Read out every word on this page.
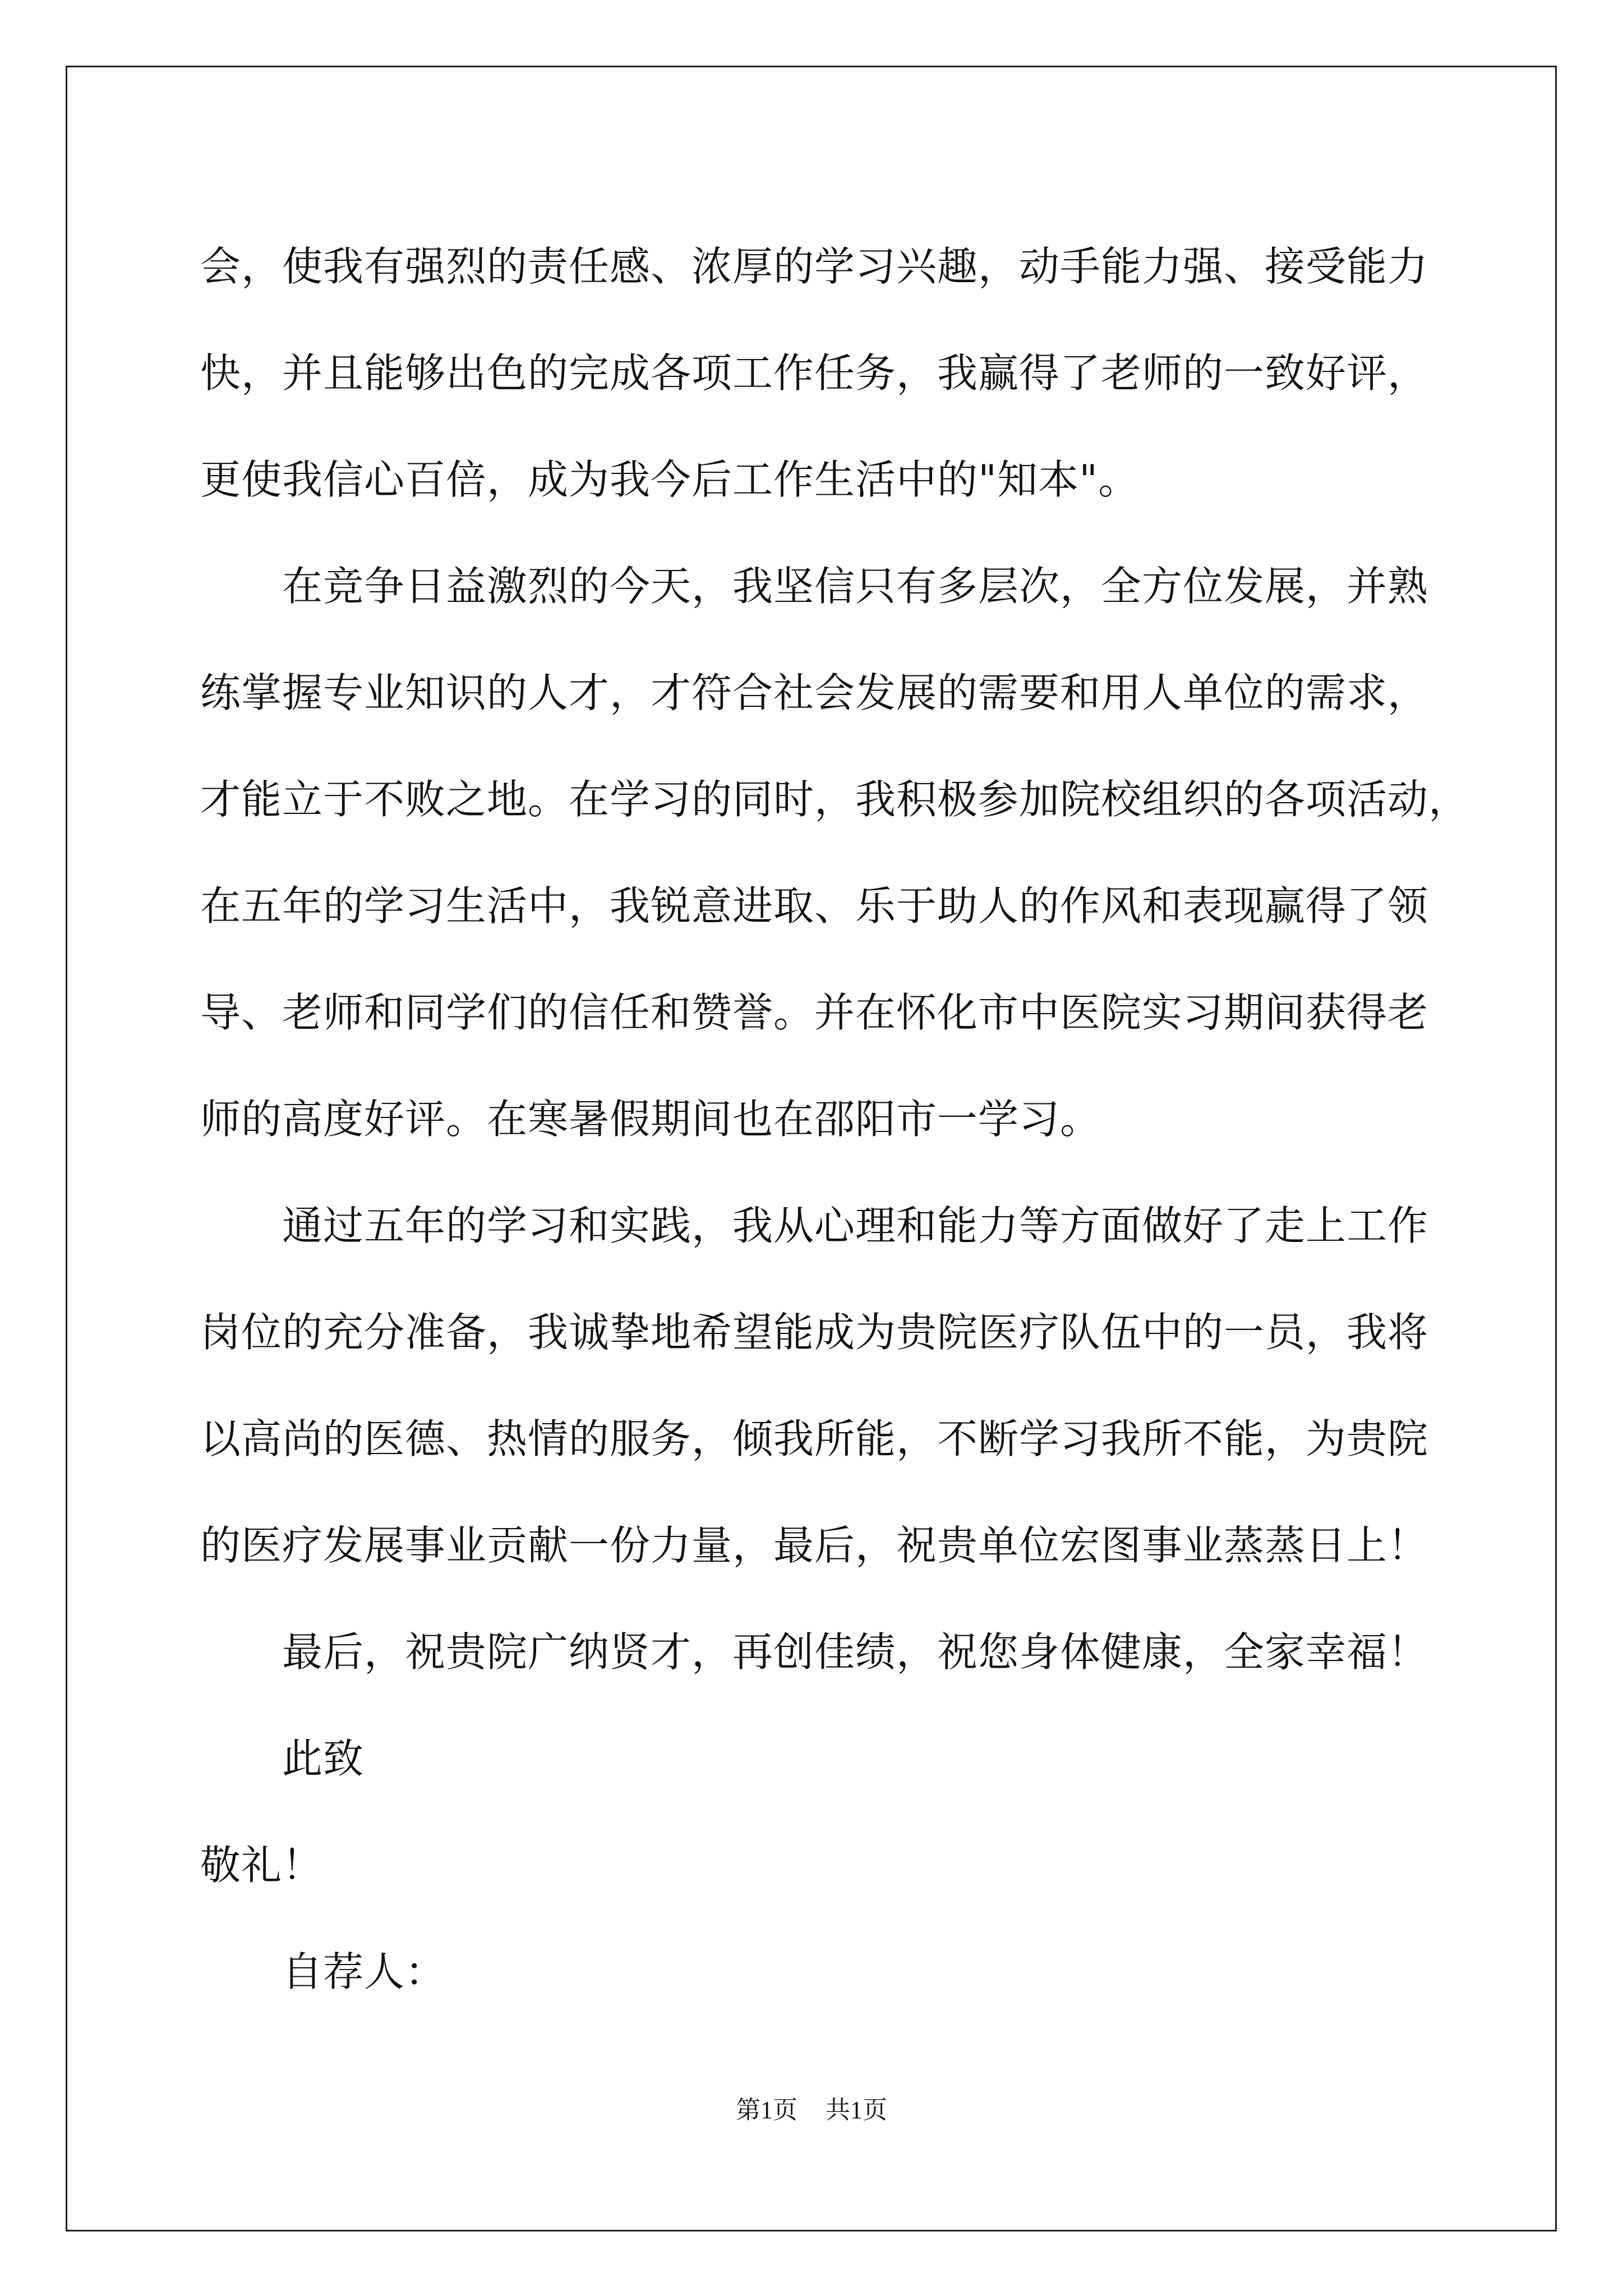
会，使我有强烈的责任感、浓厚的学习兴趣，动手能力强、接受能力
快，并且能够出色的完成各项工作任务，我赢得了老师的一致好评，
更使我信心百倍，成为我今后工作生活中的"知本"。
在竞争日益激烈的今天，我坚信只有多层次，全方位发展，并熟
练掌握专业知识的人才，才符合社会发展的需要和用人单位的需求，
才能立于不败之地。在学习的同时，我积极参加院校组织的各项活动，
在五年的学习生活中，我锐意进取、乐于助人的作风和表现赢得了领
导、老师和同学们的信任和赞誉。并在怀化市中医院实习期间获得老
师的高度好评。在寒暑假期间也在邵阳市一学习。
通过五年的学习和实践，我从心理和能力等方面做好了走上工作
岗位的充分准备，我诚挚地希望能成为贵院医疗队伍中的一员，我将
以高尚的医德、热情的服务，倾我所能，不断学习我所不能，为贵院
的医疗发展事业贡献一份力量，最后，祝贵单位宏图事业蒸蒸日上！
最后，祝贵院广纳贤才，再创佳绩，祝您身体健康，全家幸福！
此致
敬礼！
自荐人：
第1页 共1页
